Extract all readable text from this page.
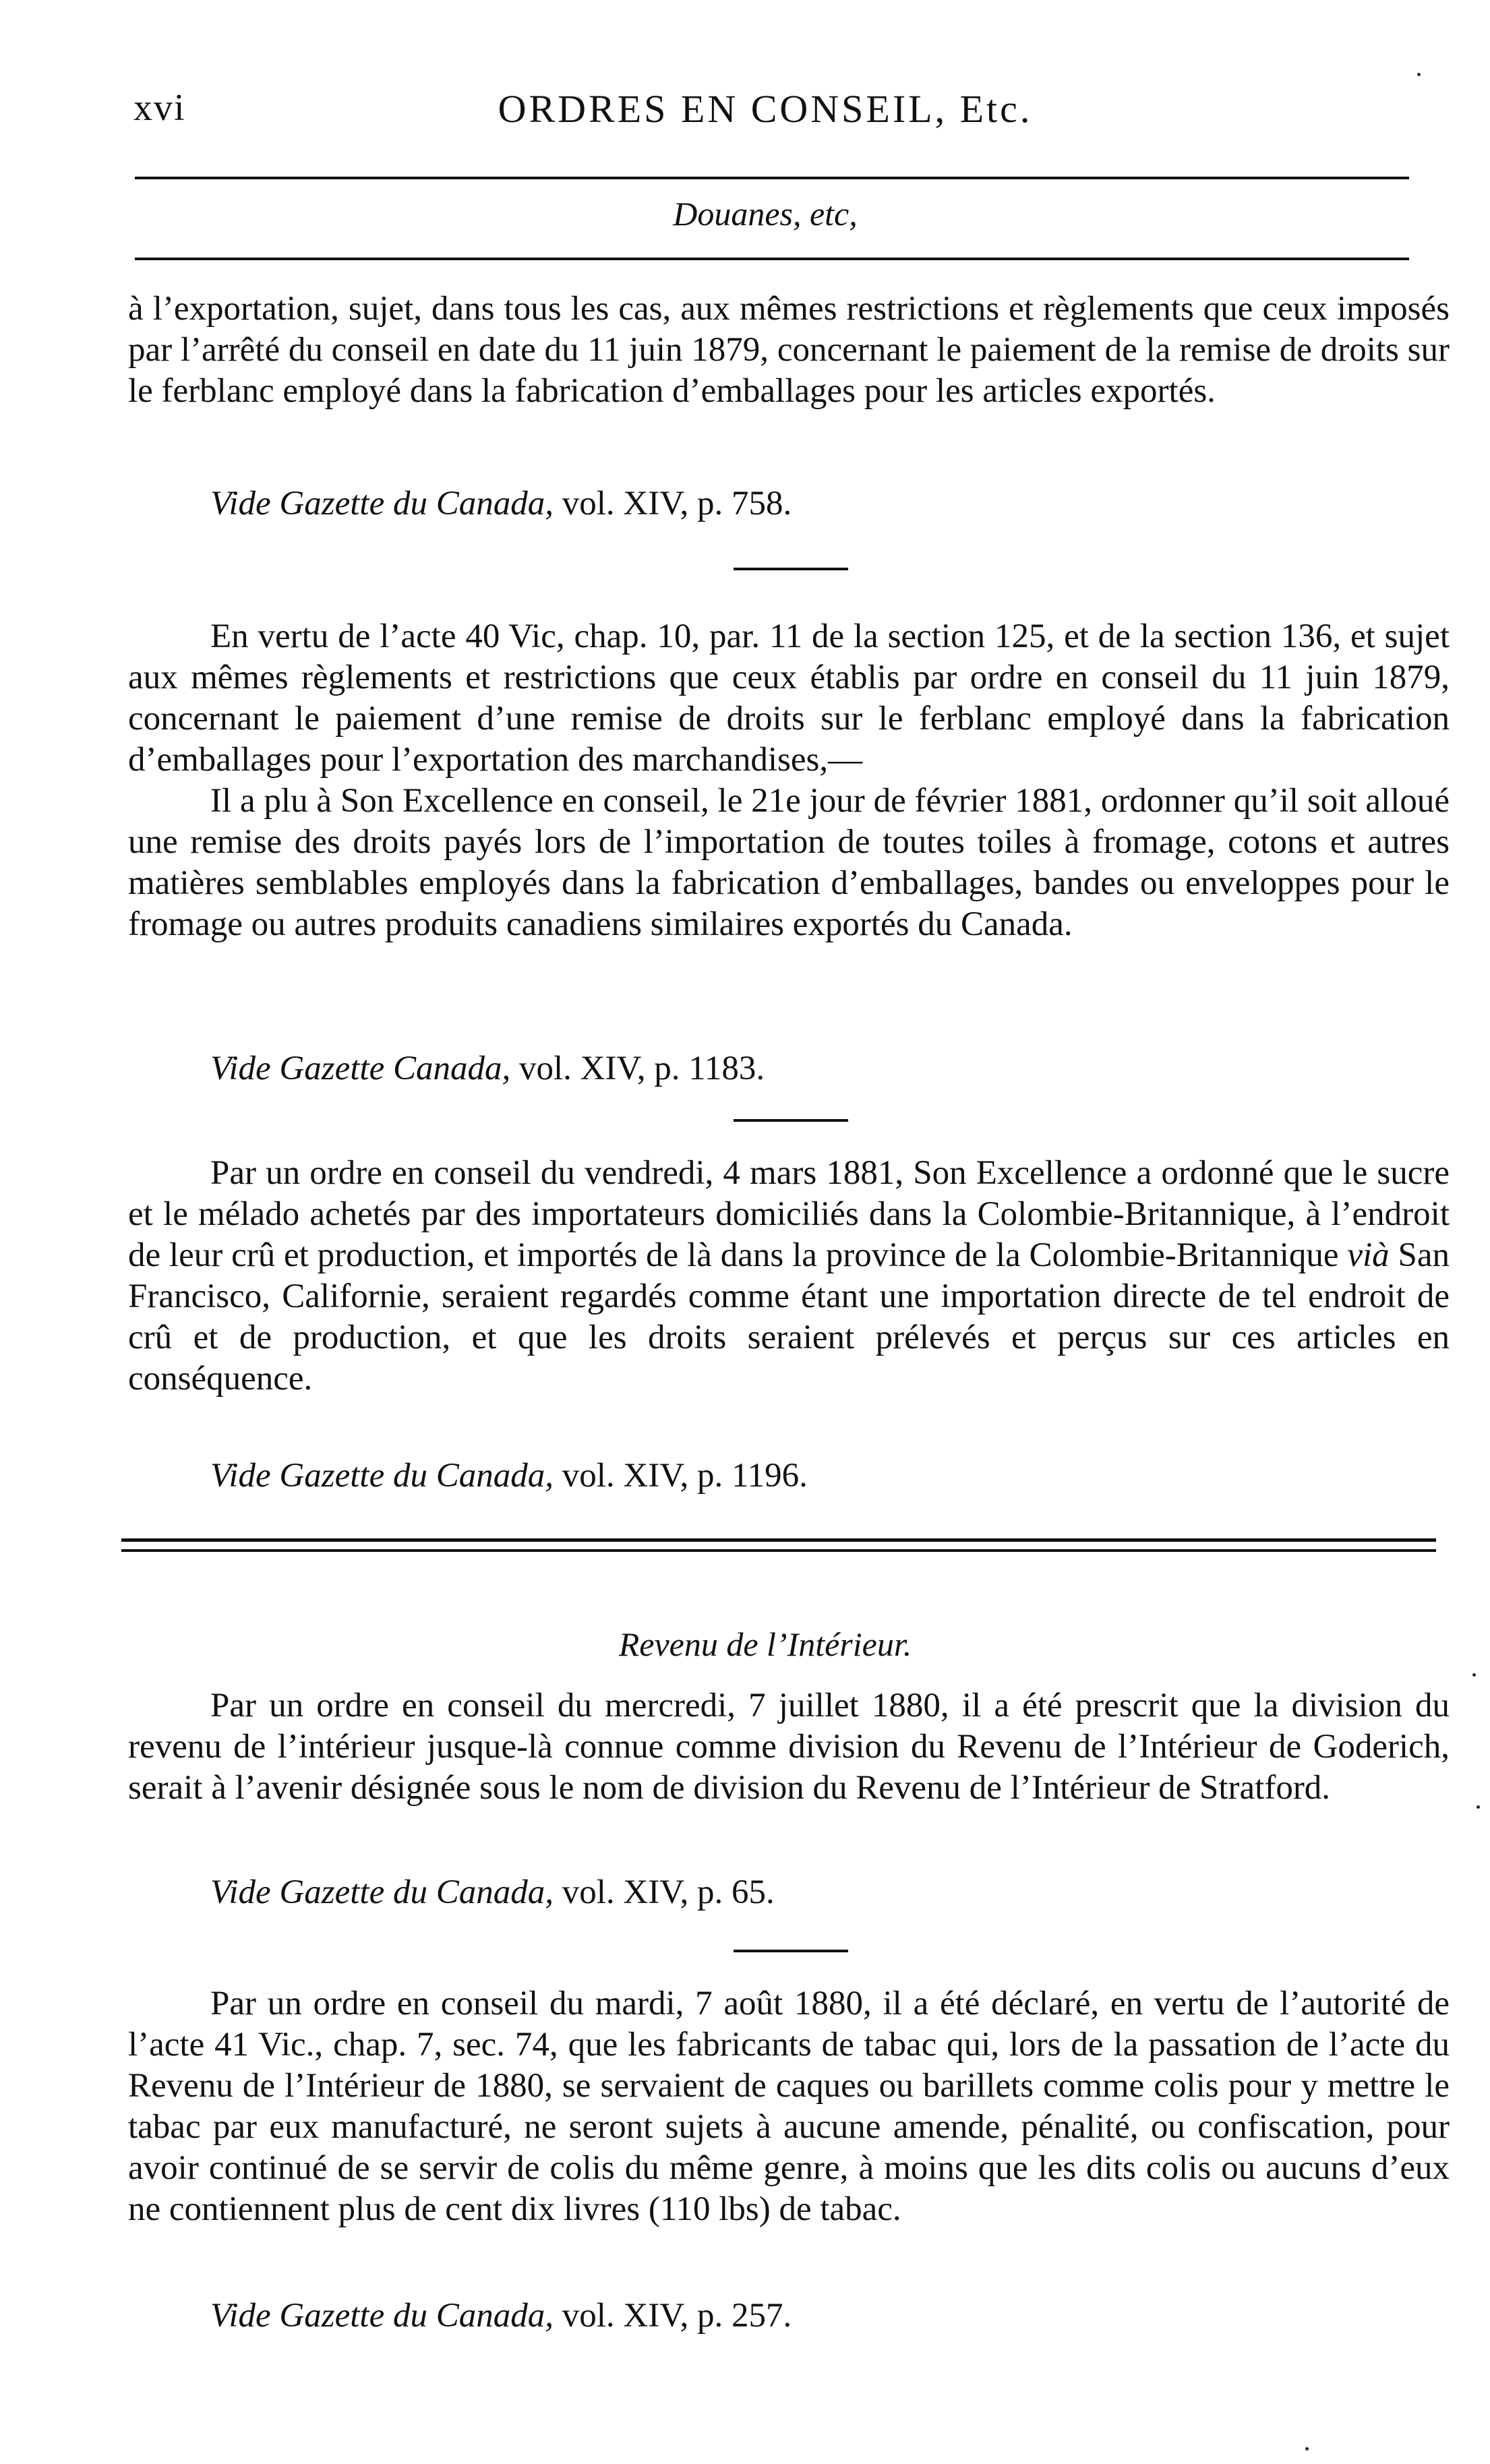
xvi	ORDRES EN CONSEIL, Etc.
Douanes, etc,

à l’exportation, sujet, dans tous les cas, aux mêmes restrictions et règlements que ceux imposés par l’arrêté du conseil en date du 11 juin 1879, concernant le paiement de la remise de droits sur le ferblanc employé dans la fabrication d’emballages pour les articles exportés.

Vide Gazette du Canada, vol. XIV, p. 758.

En vertu de l’acte 40 Vic, chap. 10, par. 11 de la section 125, et de la section 136, et sujet aux mêmes règlements et restrictions que ceux établis par ordre en conseil du 11 juin 1879, concernant le paiement d’une remise de droits sur le ferblanc employé dans la fabrication d’emballages pour l’exportation des marchandises,—

Il a plu à Son Excellence en conseil, le 21e jour de février 1881, ordonner qu’il soit alloué une remise des droits payés lors de l’importation de toutes toiles à fromage, cotons et autres matières semblables employés dans la fabrication d’emballages, bandes ou enveloppes pour le fromage ou autres produits canadiens similaires exportés du Canada.

Vide Gazette Canada, vol. XIV, p. 1183.

Par un ordre en conseil du vendredi, 4 mars 1881, Son Excellence a ordonné que le sucre et le mélado achetés par des importateurs domiciliés dans la Colombie-Britannique, à l’endroit de leur crû et production, et importés de là dans la province de la Colombie-Britannique vià San Francisco, Californie, seraient regardés comme étant une importation directe de tel endroit de crû et de production, et que les droits seraient prélevés et perçus sur ces articles en conséquence.

Vide Gazette du Canada, vol. XIV, p. 1196.
Revenu de l’Intérieur.

Par un ordre en conseil du mercredi, 7 juillet 1880, il a été prescrit que la division du revenu de l’intérieur jusque-là connue comme division du Revenu de l’Intérieur de Goderich, serait à l’avenir désignée sous le nom de division du Revenu de l’Intérieur de Stratford.

Vide Gazette du Canada, vol. XIV, p. 65.

Par un ordre en conseil du mardi, 7 août 1880, il a été déclaré, en vertu de l’autorité de l’acte 41 Vic., chap. 7, sec. 74, que les fabricants de tabac qui, lors de la passation de l’acte du Revenu de l’Intérieur de 1880, se servaient de caques ou barillets comme colis pour y mettre le tabac par eux manufacturé, ne seront sujets à aucune amende, pénalité, ou confiscation, pour avoir continué de se servir de colis du même genre, à moins que les dits colis ou aucuns d’eux ne contiennent plus de cent dix livres (110 lbs) de tabac.

Vide Gazette du Canada, vol. XIV, p. 257.
